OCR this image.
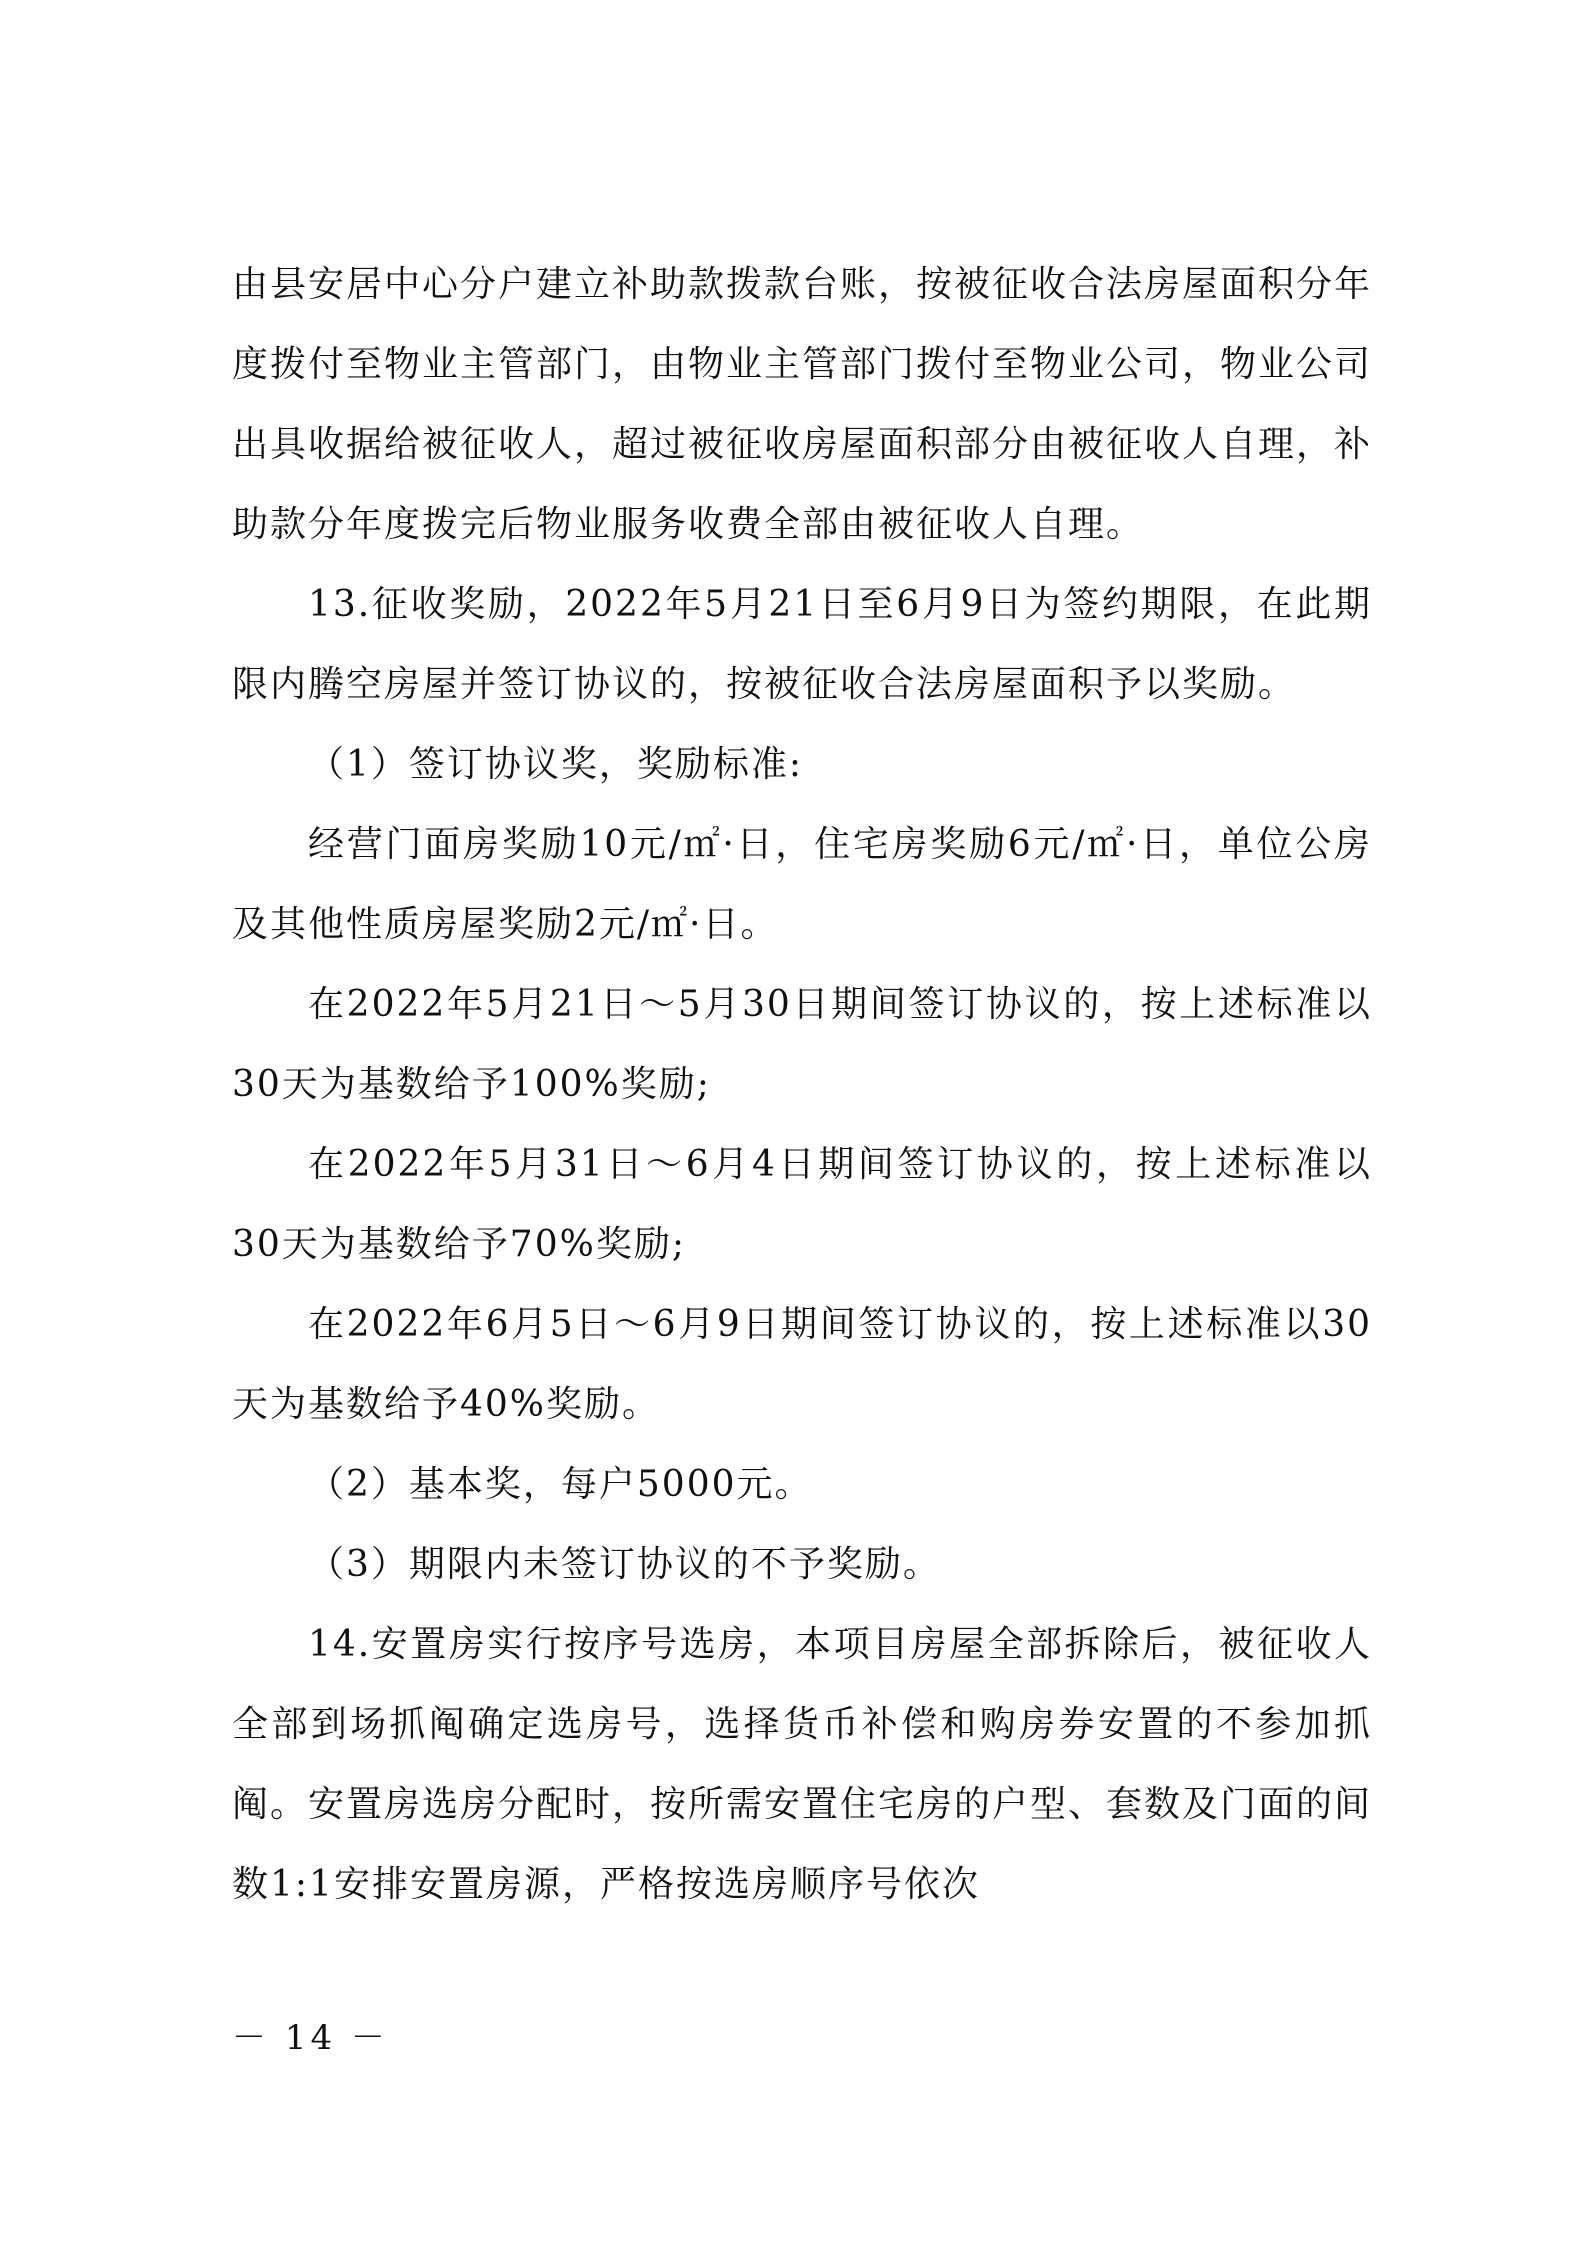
由县安居中心分户建立补助款拨款台账，按被征收合法房屋面积分年度拨付至物业主管部门，由物业主管部门拨付至物业公司，物业公司出具收据给被征收人，超过被征收房屋面积部分由被征收人自理，补助款分年度拨完后物业服务收费全部由被征收人自理。

13.征收奖励，2022年5月21日至6月9日为签约期限，在此期限内腾空房屋并签订协议的，按被征收合法房屋面积予以奖励。

（1）签订协议奖，奖励标准:

经营门面房奖励10元/㎡·日，住宅房奖励6元/㎡·日，单位公房及其他性质房屋奖励2元/㎡·日。

在2022年5月21日～5月30日期间签订协议的，按上述标准以30天为基数给予100%奖励;

在2022年5月31日～6月4日期间签订协议的，按上述标准以30天为基数给予70%奖励;

在2022年6月5日～6月9日期间签订协议的，按上述标准以30天为基数给予40%奖励。

（2）基本奖，每户5000元。

（3）期限内未签订协议的不予奖励。

14.安置房实行按序号选房，本项目房屋全部拆除后，被征收人全部到场抓阄确定选房号，选择货币补偿和购房券安置的不参加抓阄。安置房选房分配时，按所需安置住宅房的户型、套数及门面的间数1:1安排安置房源，严格按选房顺序号依次

－ 14 －
